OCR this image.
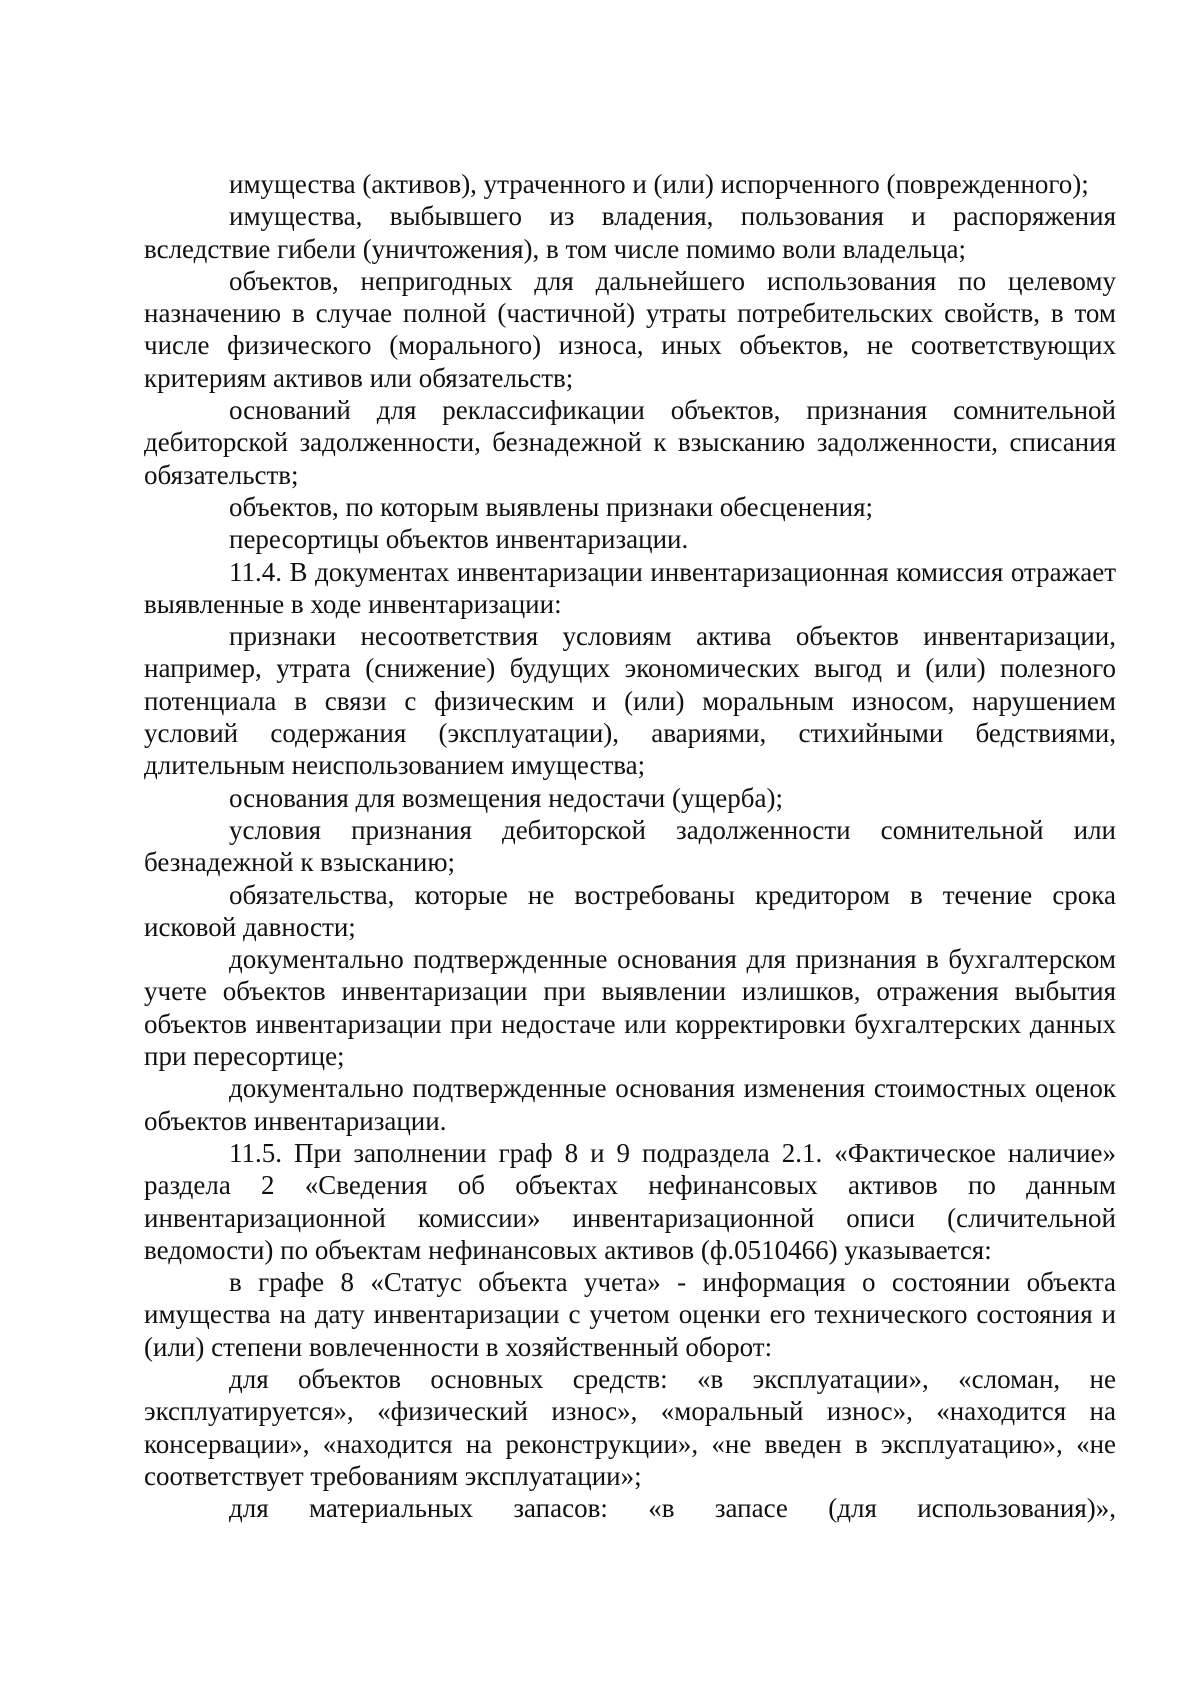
имущества (активов), утраченного и (или) испорченного (поврежденного);

имущества, выбывшего из владения, пользования и распоряжения вследствие гибели (уничтожения), в том числе помимо воли владельца;

объектов, непригодных для дальнейшего использования по целевому назначению в случае полной (частичной) утраты потребительских свойств, в том числе физического (морального) износа, иных объектов, не соответствующих критериям активов или обязательств;

оснований для реклассификации объектов, признания сомнительной дебиторской задолженности, безнадежной к взысканию задолженности, списания обязательств;

объектов, по которым выявлены признаки обесценения;

пересортицы объектов инвентаризации.

11.4. В документах инвентаризации инвентаризационная комиссия отражает выявленные в ходе инвентаризации:

признаки несоответствия условиям актива объектов инвентаризации, например, утрата (снижение) будущих экономических выгод и (или) полезного потенциала в связи с физическим и (или) моральным износом, нарушением условий содержания (эксплуатации), авариями, стихийными бедствиями, длительным неиспользованием имущества;

основания для возмещения недостачи (ущерба);

условия признания дебиторской задолженности сомнительной или безнадежной к взысканию;

обязательства, которые не востребованы кредитором в течение срока исковой давности;

документально подтвержденные основания для признания в бухгалтерском учете объектов инвентаризации при выявлении излишков, отражения выбытия объектов инвентаризации при недостаче или корректировки бухгалтерских данных при пересортице;

документально подтвержденные основания изменения стоимостных оценок объектов инвентаризации.

11.5. При заполнении граф 8 и 9 подраздела 2.1. «Фактическое наличие» раздела 2 «Сведения об объектах нефинансовых активов по данным инвентаризационной комиссии» инвентаризационной описи (сличительной ведомости) по объектам нефинансовых активов (ф.0510466) указывается:

в графе 8 «Статус объекта учета» - информация о состоянии объекта имущества на дату инвентаризации с учетом оценки его технического состояния и (или) степени вовлеченности в хозяйственный оборот:

для объектов основных средств: «в эксплуатации», «сломан, не эксплуатируется», «физический износ», «моральный износ», «находится на консервации», «находится на реконструкции», «не введен в эксплуатацию», «не соответствует требованиям эксплуатации»;

для материальных запасов: «в запасе (для использования)»,
